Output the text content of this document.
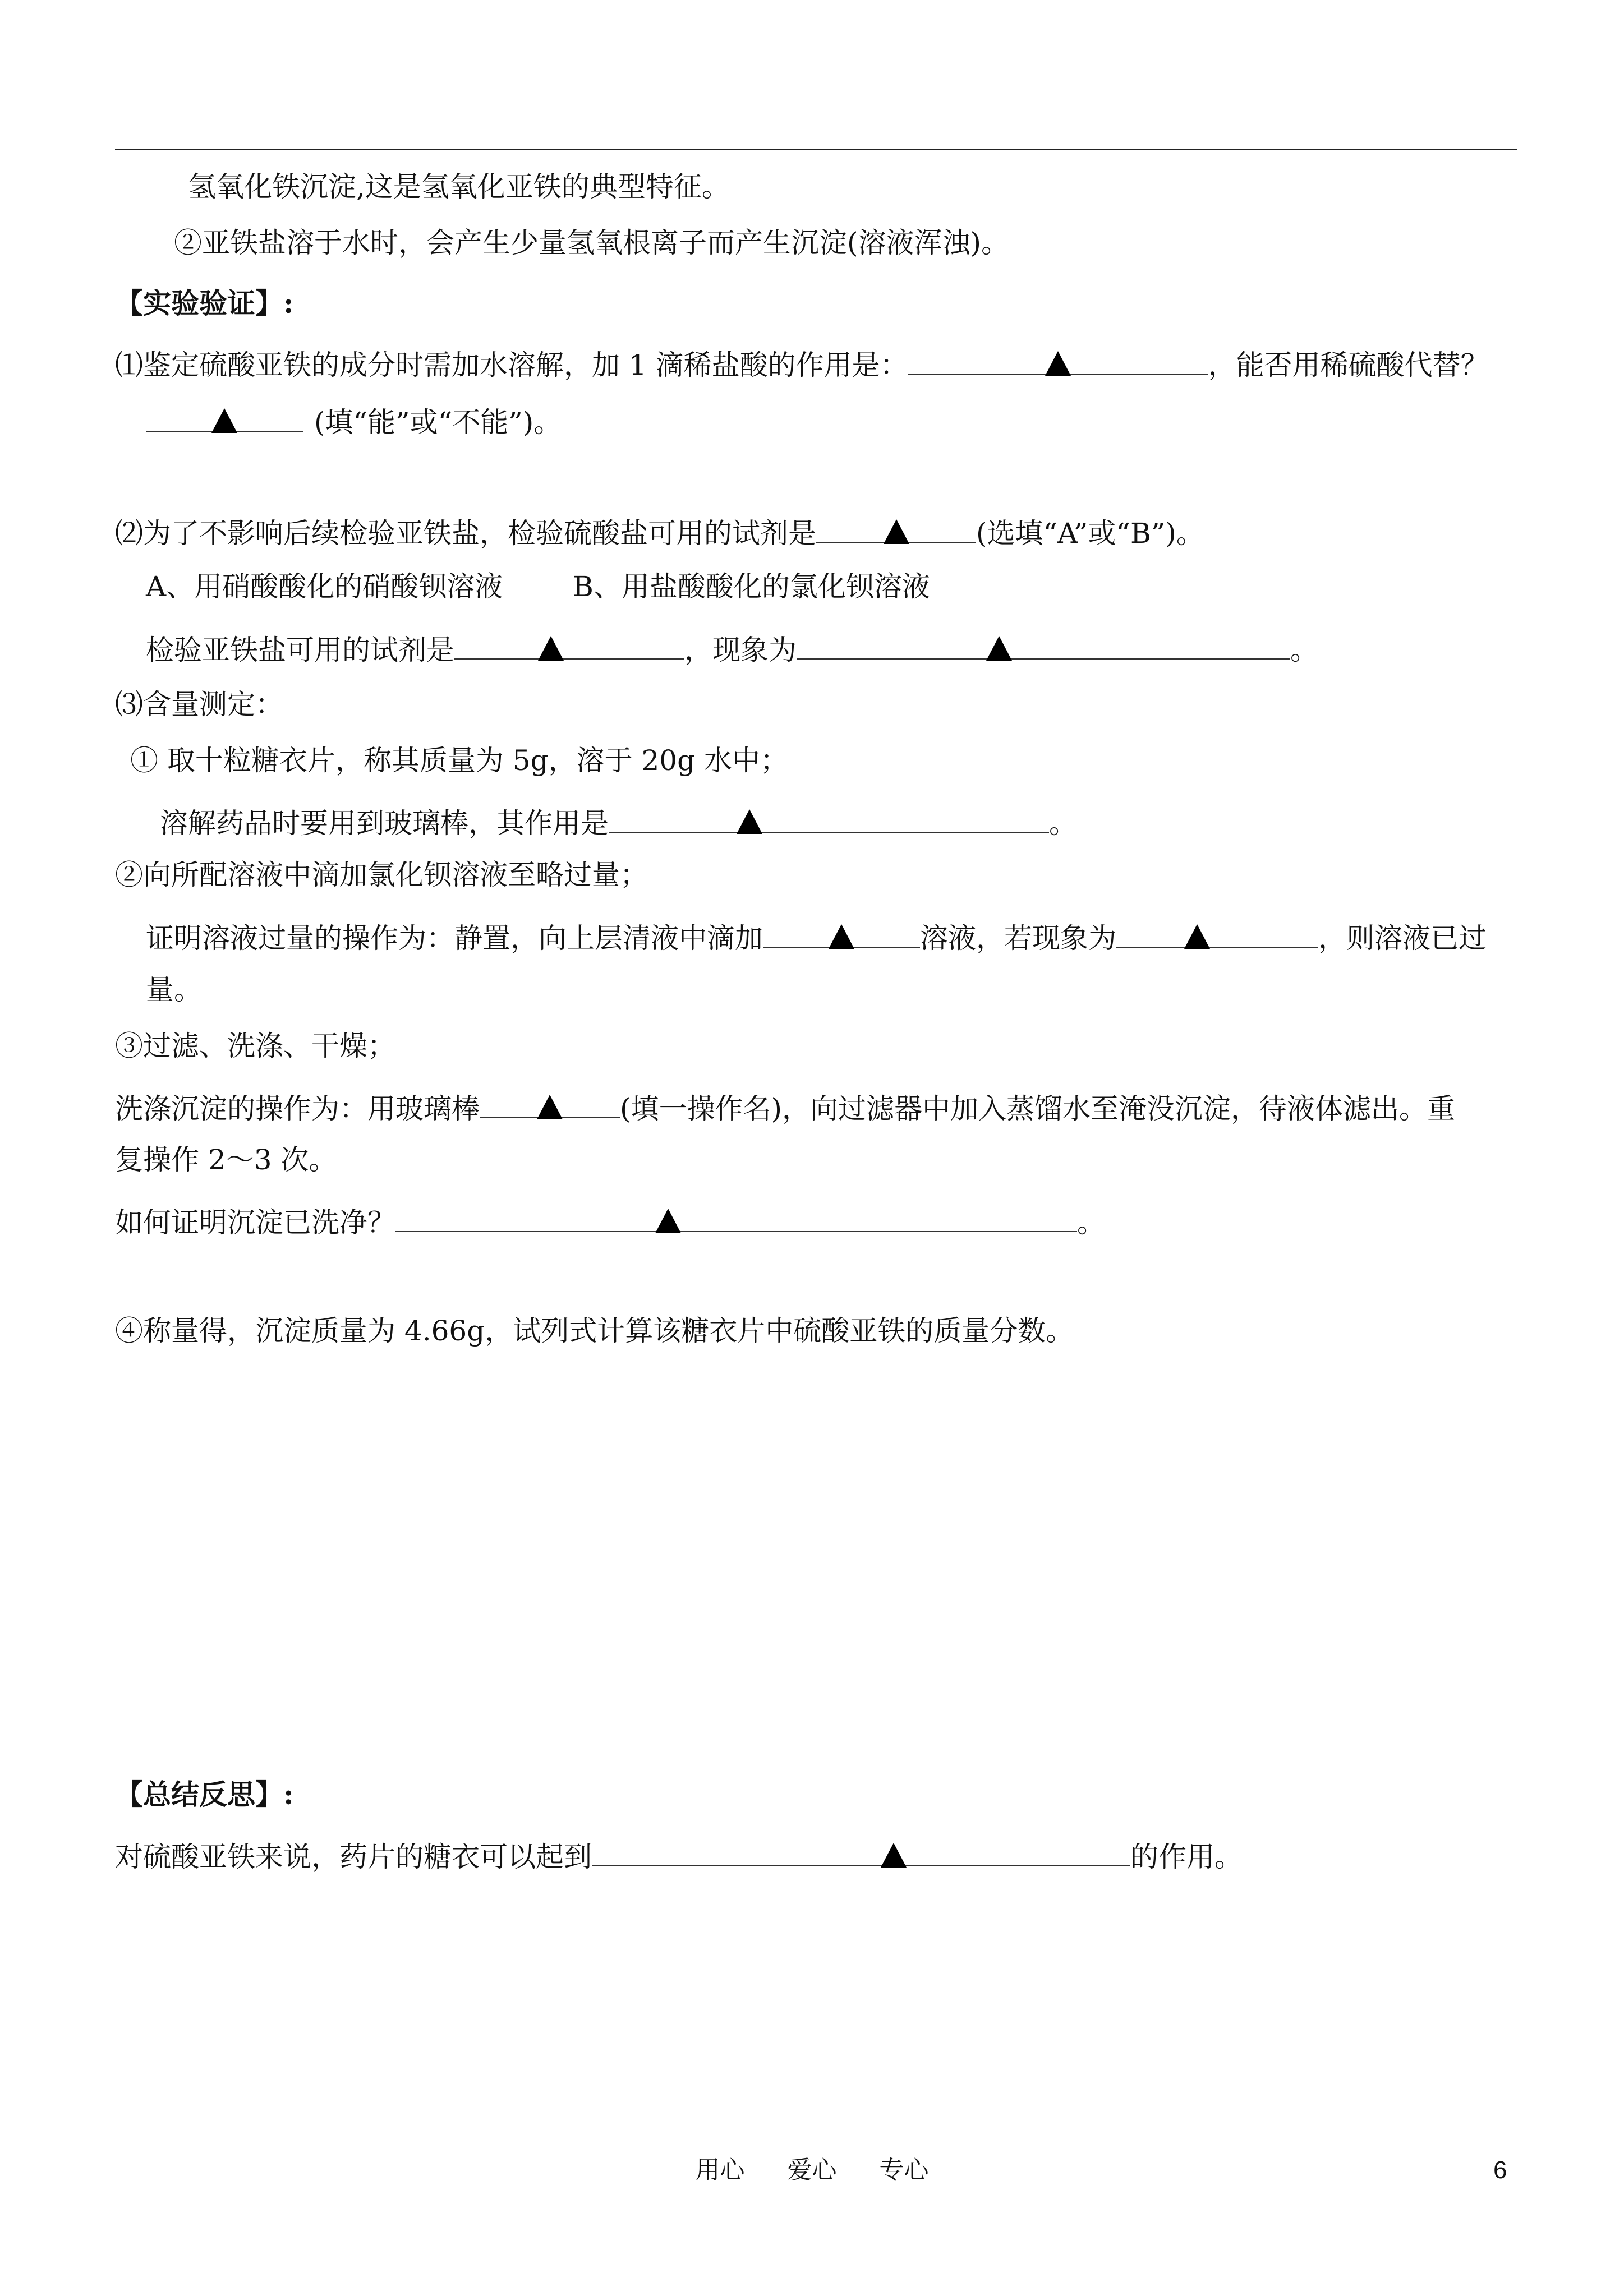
氢氧化铁沉淀,这是氢氧化亚铁的典型特征。
②亚铁盐溶于水时，会产生少量氢氧根离子而产生沉淀(溶液浑浊)。
【实验验证】:
⑴鉴定硫酸亚铁的成分时需加水溶解，加 1 滴稀盐酸的作用是：	，能否用稀硫酸代替？
(填“能”或“不能”)。
⑵为了不影响后续检验亚铁盐，检验硫酸盐可用的试剂是	(选填“A”或“B”)。
A、用硝酸酸化的硝酸钡溶液	B、用盐酸酸化的氯化钡溶液
检验亚铁盐可用的试剂是	，现象为	。
⑶含量测定：
① 取十粒糖衣片，称其质量为 5g，溶于 20g 水中；
溶解药品时要用到玻璃棒，其作用是	。
②向所配溶液中滴加氯化钡溶液至略过量；
证明溶液过量的操作为：静置，向上层清液中滴加	溶液，若现象为	，则溶液已过
量。
③过滤、洗涤、干燥；
洗涤沉淀的操作为：用玻璃棒	(填一操作名)，向过滤器中加入蒸馏水至淹没沉淀，待液体滤出。重
复操作 2～3 次。
如何证明沉淀已洗净？	。
④称量得，沉淀质量为 4.66g，试列式计算该糖衣片中硫酸亚铁的质量分数。
【总结反思】:
对硫酸亚铁来说，药片的糖衣可以起到	的作用。
用心 爱心 专心	6
